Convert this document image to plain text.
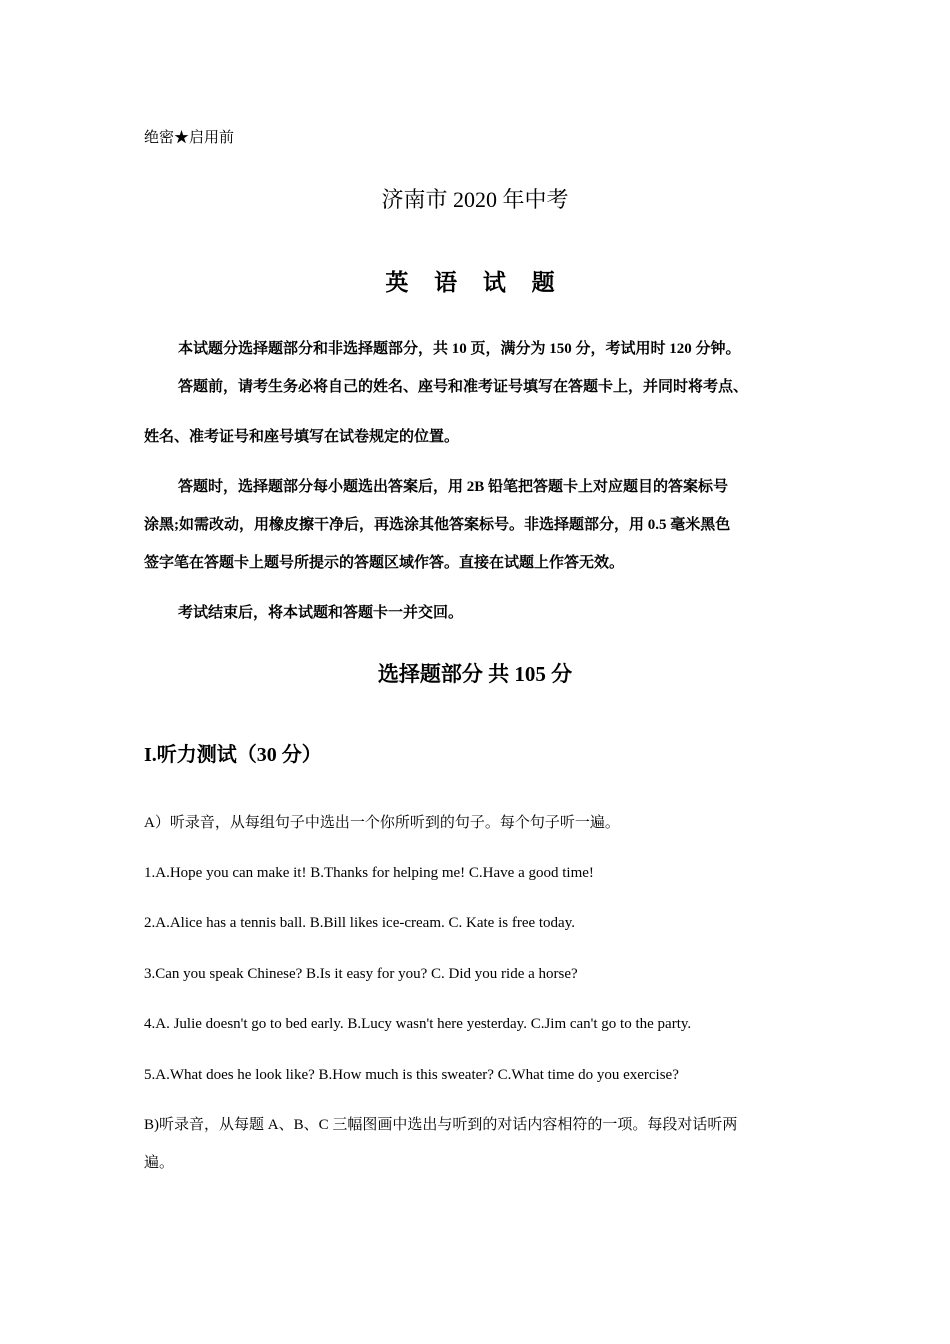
绝密★启用前
济南市 2020 年中考
英 语 试 题
本试题分选择题部分和非选择题部分，共 10 页，满分为 150 分，考试用时 120 分钟。
答题前，请考生务必将自己的姓名、座号和准考证号填写在答题卡上，并同时将考点、
姓名、准考证号和座号填写在试卷规定的位置。
答题时，选择题部分每小题选出答案后，用 2B 铅笔把答题卡上对应题目的答案标号
涂黑;如需改动，用橡皮擦干净后，再选涂其他答案标号。非选择题部分，用 0.5 毫米黑色
签字笔在答题卡上题号所提示的答题区域作答。直接在试题上作答无效。
考试结束后，将本试题和答题卡一并交回。
选择题部分 共 105 分
I.听力测试（30 分）
A）听录音，从每组句子中选出一个你所听到的句子。每个句子听一遍。
1.A.Hope you can make it! B.Thanks for helping me! C.Have a good time!
2.A.Alice has a tennis ball. B.Bill likes ice-cream. C. Kate is free today.
3.Can you speak Chinese? B.Is it easy for you? C. Did you ride a horse?
4.A. Julie doesn't go to bed early. B.Lucy wasn't here yesterday. C.Jim can't go to the party.
5.A.What does he look like? B.How much is this sweater? C.What time do you exercise?
B)听录音，从每题 A、B、C 三幅图画中选出与听到的对话内容相符的一项。每段对话听两
遍。
